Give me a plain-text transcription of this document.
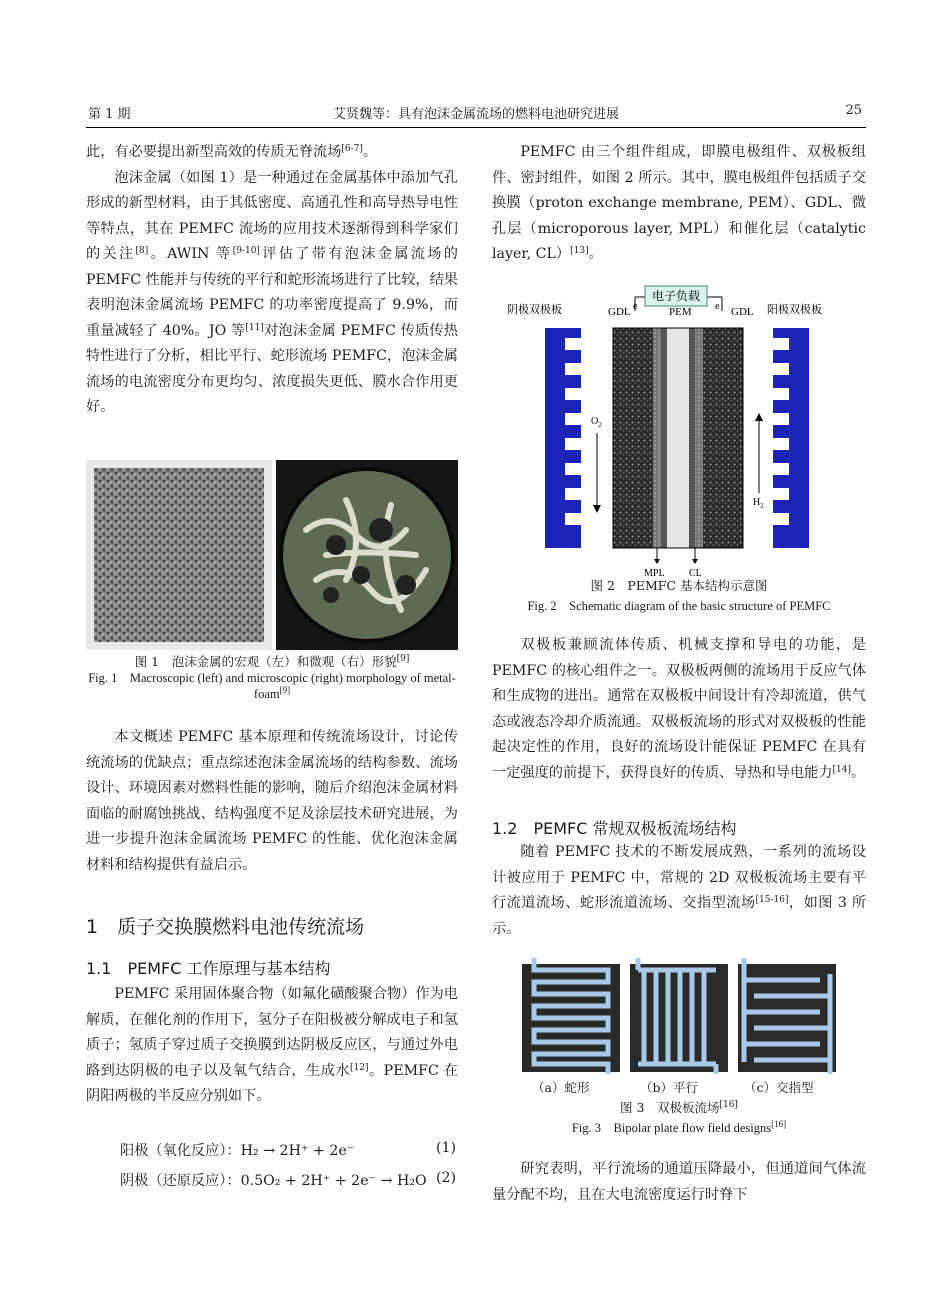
第 1 期	艾贤魏等：具有泡沫金属流场的燃料电池研究进展	25

此，有必要提出新型高效的传质无脊流场[6-7]。

泡沫金属（如图 1）是一种通过在金属基体中添加气孔形成的新型材料，由于其低密度、高通孔性和高导热导电性等特点，其在 PEMFC 流场的应用技术逐渐得到科学家们的关注[8]。AWIN 等[9-10]评估了带有泡沫金属流场的 PEMFC 性能并与传统的平行和蛇形流场进行了比较，结果表明泡沫金属流场 PEMFC 的功率密度提高了 9.9%，而重量减轻了 40%。JO 等[11]对泡沫金属 PEMFC 传质传热特性进行了分析，相比平行、蛇形流场 PEMFC，泡沫金属流场的电流密度分布更均匀、浓度损失更低、膜水合作用更好。

图 1　泡沫金属的宏观（左）和微观（右）形貌[9]
Fig. 1　Macroscopic (left) and microscopic (right) morphology of metal-foam[9]

本文概述 PEMFC 基本原理和传统流场设计，讨论传统流场的优缺点；重点综述泡沫金属流场的结构参数、流场设计、环境因素对燃料性能的影响，随后介绍泡沫金属材料面临的耐腐蚀挑战、结构强度不足及涂层技术研究进展，为进一步提升泡沫金属流场 PEMFC 的性能、优化泡沫金属材料和结构提供有益启示。

1　质子交换膜燃料电池传统流场
1.1　PEMFC 工作原理与基本结构

PEMFC 采用固体聚合物（如氟化磺酸聚合物）作为电解质，在催化剂的作用下，氢分子在阳极被分解成电子和氢质子；氢质子穿过质子交换膜到达阴极反应区，与通过外电路到达阴极的电子以及氧气结合，生成水[12]。PEMFC 在阴阳两极的半反应分别如下。

阳极（氧化反应）：H₂ → 2H⁺ + 2e⁻	(1)
阴极（还原反应）：0.5O₂ + 2H⁺ + 2e⁻ → H₂O (2)

PEMFC 由三个组件组成，即膜电极组件、双极板组件、密封组件，如图 2 所示。其中，膜电极组件包括质子交换膜（proton exchange membrane, PEM）、GDL、微孔层（microporous layer, MPL）和催化层（catalytic layer, CL）[13]。

电子负载
阴极双极板	阳极双极板
GDL e	PEM e GDL
$O_2$
$H_2$
MPL CL
图 2　PEMFC 基本结构示意图
Fig. 2　Schematic diagram of the basic structure of PEMFC

双极板兼顾流体传质、机械支撑和导电的功能，是 PEMFC 的核心组件之一。双极板两侧的流场用于反应气体和生成物的进出。通常在双极板中间设计有冷却流道，供气态或液态冷却介质流通。双极板流场的形式对双极板的性能起决定性的作用，良好的流场设计能保证 PEMFC 在具有一定强度的前提下，获得良好的传质、导热和导电能力[14]。

1.2　PEMFC 常规双极板流场结构

随着 PEMFC 技术的不断发展成熟，一系列的流场设计被应用于 PEMFC 中，常规的 2D 双极板流场主要有平行流道流场、蛇形流道流场、交指型流场[15-16]，如图 3 所示。

（a）蛇形	（b）平行	（c）交指型
图 3　双极板流场[16]
Fig. 3　Bipolar plate flow field designs[16]

研究表明，平行流场的通道压降最小，但通道间气体流量分配不均，且在大电流密度运行时脊下
